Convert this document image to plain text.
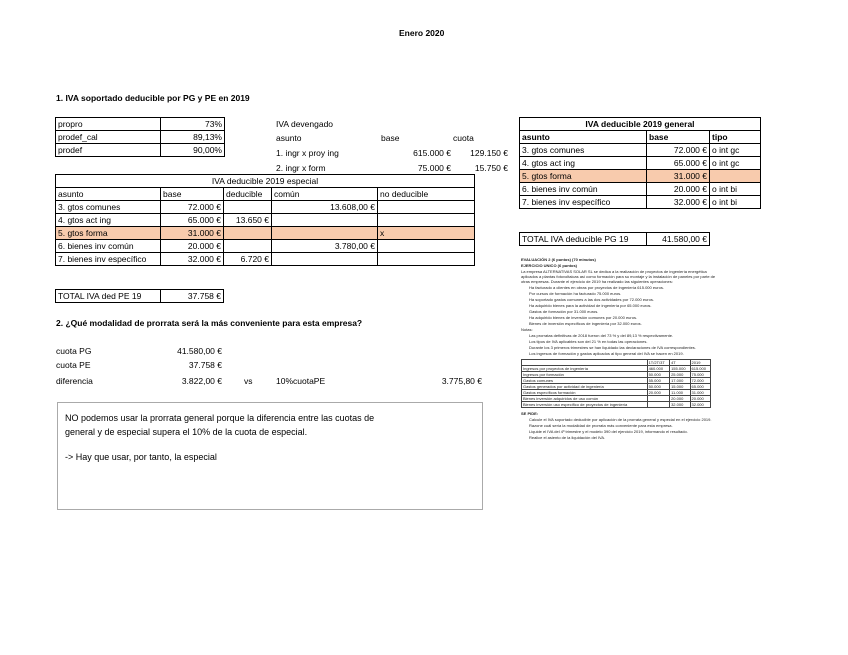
Enero 2020
1. IVA soportado deducible por PG y PE en 2019
propro	73%
prodef_cal	89,13%
prodef	90,00%
IVA devengado
asunto	base	cuota
1. ingr x proy ing	615.000 €	129.150 €
2. ingr x form	75.000 €	15.750 €
IVA deducible 2019 especial				
asunto	base	deducible	común	no deducible
3. gtos comunes	72.000 €		13.608,00 €	
4. gtos act ing	65.000 €	13.650 €		
5. gtos forma	31.000 €			x
6. bienes inv común	20.000 €		3.780,00 €	
7. bienes inv específico	32.000 €	6.720 €		
TOTAL IVA ded PE 19	37.758 €
IVA deducible 2019 general		
asunto	base	tipo
3. gtos comunes	72.000 €	o int gc
4. gtos act ing	65.000 €	o int gc
5. gtos forma	31.000 €	
6. bienes inv común	20.000 €	o int bi
7. bienes inv específico	32.000 €	o int bi
TOTAL IVA deducible PG 19	41.580,00 €
2. ¿Qué modalidad de prorrata será la más conveniente para esta empresa?
cuota PG	41.580,00 €
cuota PE	37.758 €
diferencia	3.822,00 €	vs	10%cuotaPE	3.775,80 €
NO podemos usar la prorrata general porque la diferencia entre las cuotas de
general y de especial supera el 10% de la cuota de especial.
-> Hay que usar, por tanto, la especial

EVALUACIÓN 2 (6 puntos) (70 minutos)

EJERCICIO UNICO (6 puntos)

La empresa ALTERNATIVAS SOLAR SL se dedica a la realización de proyectos de ingeniería energética aplicados a plantas fotovoltaicas así como formación para su montaje y la instalación de paneles por parte de otras empresas. Durante el ejercicio de 2019 ha realizado las siguientes operaciones:

Ha facturado a clientes en obras por proyectos de ingeniería 615.000 euros.

Por cursos de formación ha facturado 75.000 euros.

Ha soportado gastos comunes a las dos actividades por 72.000 euros.

Ha adquirido bienes para la actividad de ingeniería por 65.000 euros.

Gastos de formación por 31.000 euros.

Ha adquirido bienes de inversión comunes por 20.000 euros.

Bienes de inversión específicos de ingeniería por 32.000 euros.

Notas:

Las prorratas definitivas de 2018 fueron del 73 % y del 89,13 % respectivamente.

Los tipos de IVA aplicables son del 21 % en todas las operaciones.

Durante los 3 primeros trimestres se han liquidado las declaraciones de IVA correspondientes.

Los ingresos de formación y gastos aplicados al tipo general del IVA se hacen en 2019.

	1T/2T/3T	4T	2019
Ingresos por proyectos de ingeniería	460.000	155.000	615.000
Ingresos por formación	50.000	25.000	75.000
Gastos comunes	55.000	17.000	72.000
Gastos generados por actividad de ingeniería	50.000	15.000	65.000
Gastos específicos formación	20.000	11.000	31.000
Bienes inversión adquiridos de uso común		20.000	20.000
Bienes inversión uso específico de proyectos de ingeniería		32.000	32.000

SE PIDE:

Calcule el IVA soportado deducible por aplicación de la prorrata general y especial en el ejercicio 2019.

Razone cuál sería la modalidad de prorrata más conveniente para esta empresa.

Liquide el IVA del 4º trimestre y el modelo 390 del ejercicio 2019, informando el resultado.

Realice el asiento de la liquidación del IVA.
